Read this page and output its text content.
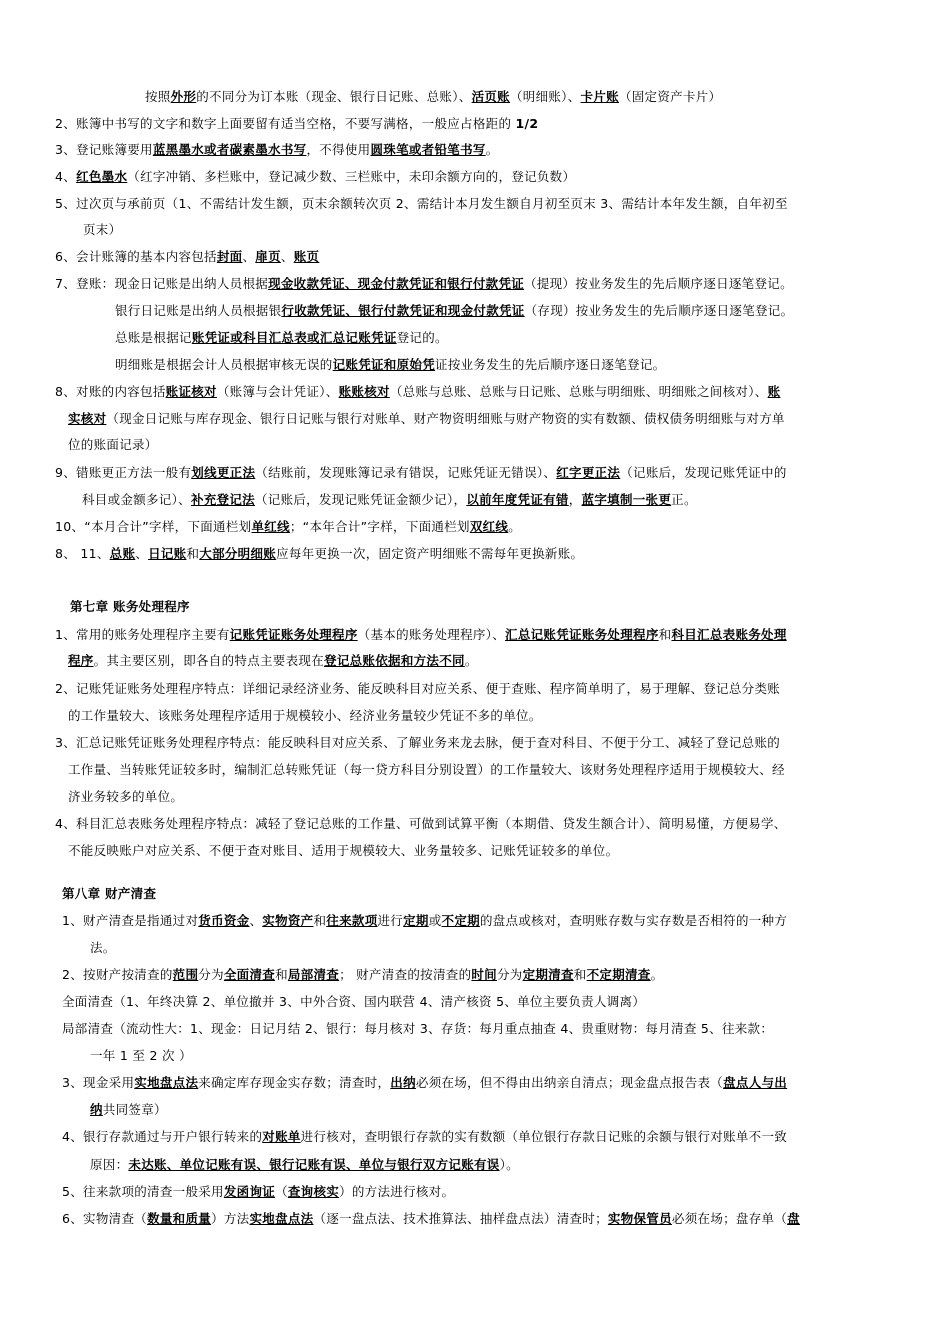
按照外形的不同分为订本账（现金、银行日记账、总账）、活页账（明细账）、卡片账（固定资产卡片）
2、账簿中书写的文字和数字上面要留有适当空格，不要写满格，一般应占格距的 1/2
3、登记账簿要用蓝黑墨水或者碳素墨水书写，不得使用圆珠笔或者铅笔书写。
4、红色墨水（红字冲销、多栏账中，登记减少数、三栏账中，未印余额方向的，登记负数）
5、过次页与承前页（1、不需结计发生额，页末余额转次页 2、需结计本月发生额自月初至页末 3、需结计本年发生额，自年初至
页末）
6、会计账簿的基本内容包括封面、扉页、账页
7、登账：现金日记账是出纳人员根据现金收款凭证、现金付款凭证和银行付款凭证（提现）按业务发生的先后顺序逐日逐笔登记。
银行日记账是出纳人员根据银行收款凭证、银行付款凭证和现金付款凭证（存现）按业务发生的先后顺序逐日逐笔登记。
总账是根据记账凭证或科目汇总表或汇总记账凭证登记的。
明细账是根据会计人员根据审核无误的记账凭证和原始凭证按业务发生的先后顺序逐日逐笔登记。
8、对账的内容包括账证核对（账簿与会计凭证）、账账核对（总账与总账、总账与日记账、总账与明细账、明细账之间核对）、账
实核对（现金日记账与库存现金、银行日记账与银行对账单、财产物资明细账与财产物资的实有数额、债权债务明细账与对方单
位的账面记录）
9、错账更正方法一般有划线更正法（结账前，发现账簿记录有错误，记账凭证无错误）、红字更正法（记账后，发现记账凭证中的
科目或金额多记）、补充登记法（记账后，发现记账凭证金额少记），以前年度凭证有错，蓝字填制一张更正。
10、“本月合计”字样，下面通栏划单红线；“本年合计”字样，下面通栏划双红线。
8、 11、总账、日记账和大部分明细账应每年更换一次，固定资产明细账不需每年更换新账。
第七章 账务处理程序
1、常用的账务处理程序主要有记账凭证账务处理程序（基本的账务处理程序）、汇总记账凭证账务处理程序和科目汇总表账务处理
程序。其主要区别，即各自的特点主要表现在登记总账依据和方法不同。
2、记账凭证账务处理程序特点：详细记录经济业务、能反映科目对应关系、便于查账、程序简单明了，易于理解、登记总分类账
的工作量较大、该账务处理程序适用于规模较小、经济业务量较少凭证不多的单位。
3、汇总记账凭证账务处理程序特点：能反映科目对应关系、了解业务来龙去脉，便于查对科目、不便于分工、减轻了登记总账的
工作量、当转账凭证较多时，编制汇总转账凭证（每一贷方科目分别设置）的工作量较大、该财务处理程序适用于规模较大、经
济业务较多的单位。
4、科目汇总表账务处理程序特点：减轻了登记总账的工作量、可做到试算平衡（本期借、贷发生额合计）、简明易懂，方便易学、
不能反映账户对应关系、不便于查对账目、适用于规模较大、业务量较多、记账凭证较多的单位。
第八章 财产清查
1、财产清查是指通过对货币资金、实物资产和往来款项进行定期或不定期的盘点或核对，查明账存数与实存数是否相符的一种方
法。
2、按财产按清查的范围分为全面清查和局部清查； 财产清查的按清查的时间分为定期清查和不定期清查。
全面清查（1、年终决算 2、单位撤并 3、中外合资、国内联营 4、清产核资 5、单位主要负责人调离）
局部清查（流动性大：1、现金：日记月结 2、银行：每月核对 3、存货：每月重点抽查 4、贵重财物：每月清查 5、往来款：
一年 1 至 2 次 ）
3、现金采用实地盘点法来确定库存现金实存数；清查时，出纳必须在场，但不得由出纳亲自清点；现金盘点报告表（盘点人与出
纳共同签章）
4、银行存款通过与开户银行转来的对账单进行核对，查明银行存款的实有数额（单位银行存款日记账的余额与银行对账单不一致
原因：未达账、单位记账有误、银行记账有误、单位与银行双方记账有误）。
5、往来款项的清查一般采用发函询证（查询核实）的方法进行核对。
6、实物清查（数量和质量）方法实地盘点法（逐一盘点法、技术推算法、抽样盘点法）清查时；实物保管员必须在场；盘存单（盘
